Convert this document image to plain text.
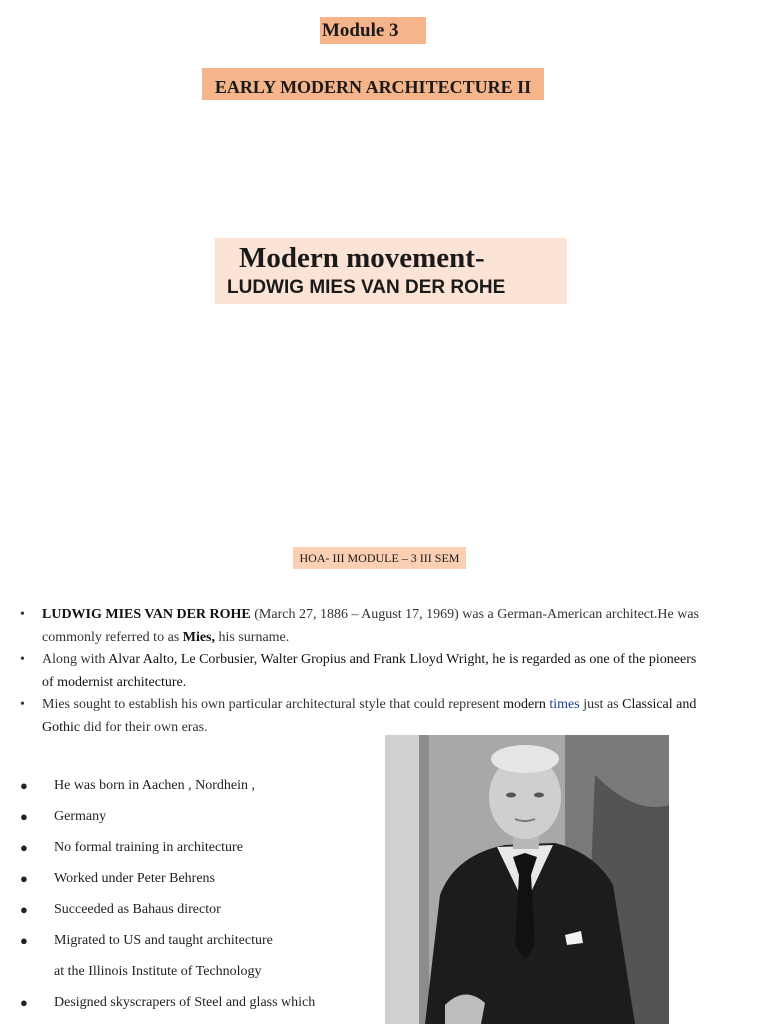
Module 3
EARLY MODERN ARCHITECTURE II
Modern movement-
LUDWIG MIES VAN DER ROHE
HOA- III MODULE – 3 III SEM
• LUDWIG MIES VAN DER ROHE (March 27, 1886 – August 17, 1969) was a German-American architect.He was commonly referred to as Mies, his surname.
• Along with Alvar Aalto, Le Corbusier, Walter Gropius and Frank Lloyd Wright, he is regarded as one of the pioneers of modernist architecture.
• Mies sought to establish his own particular architectural style that could represent modern times just as Classical and Gothic did for their own eras.
● He was born in Aachen , Nordhein ,
● Germany
● No formal training in architecture
● Worked under Peter Behrens
● Succeeded as Bahaus director
● Migrated to US and taught architecture
at the Illinois Institute of Technology
● Designed skyscrapers of Steel and glass which
